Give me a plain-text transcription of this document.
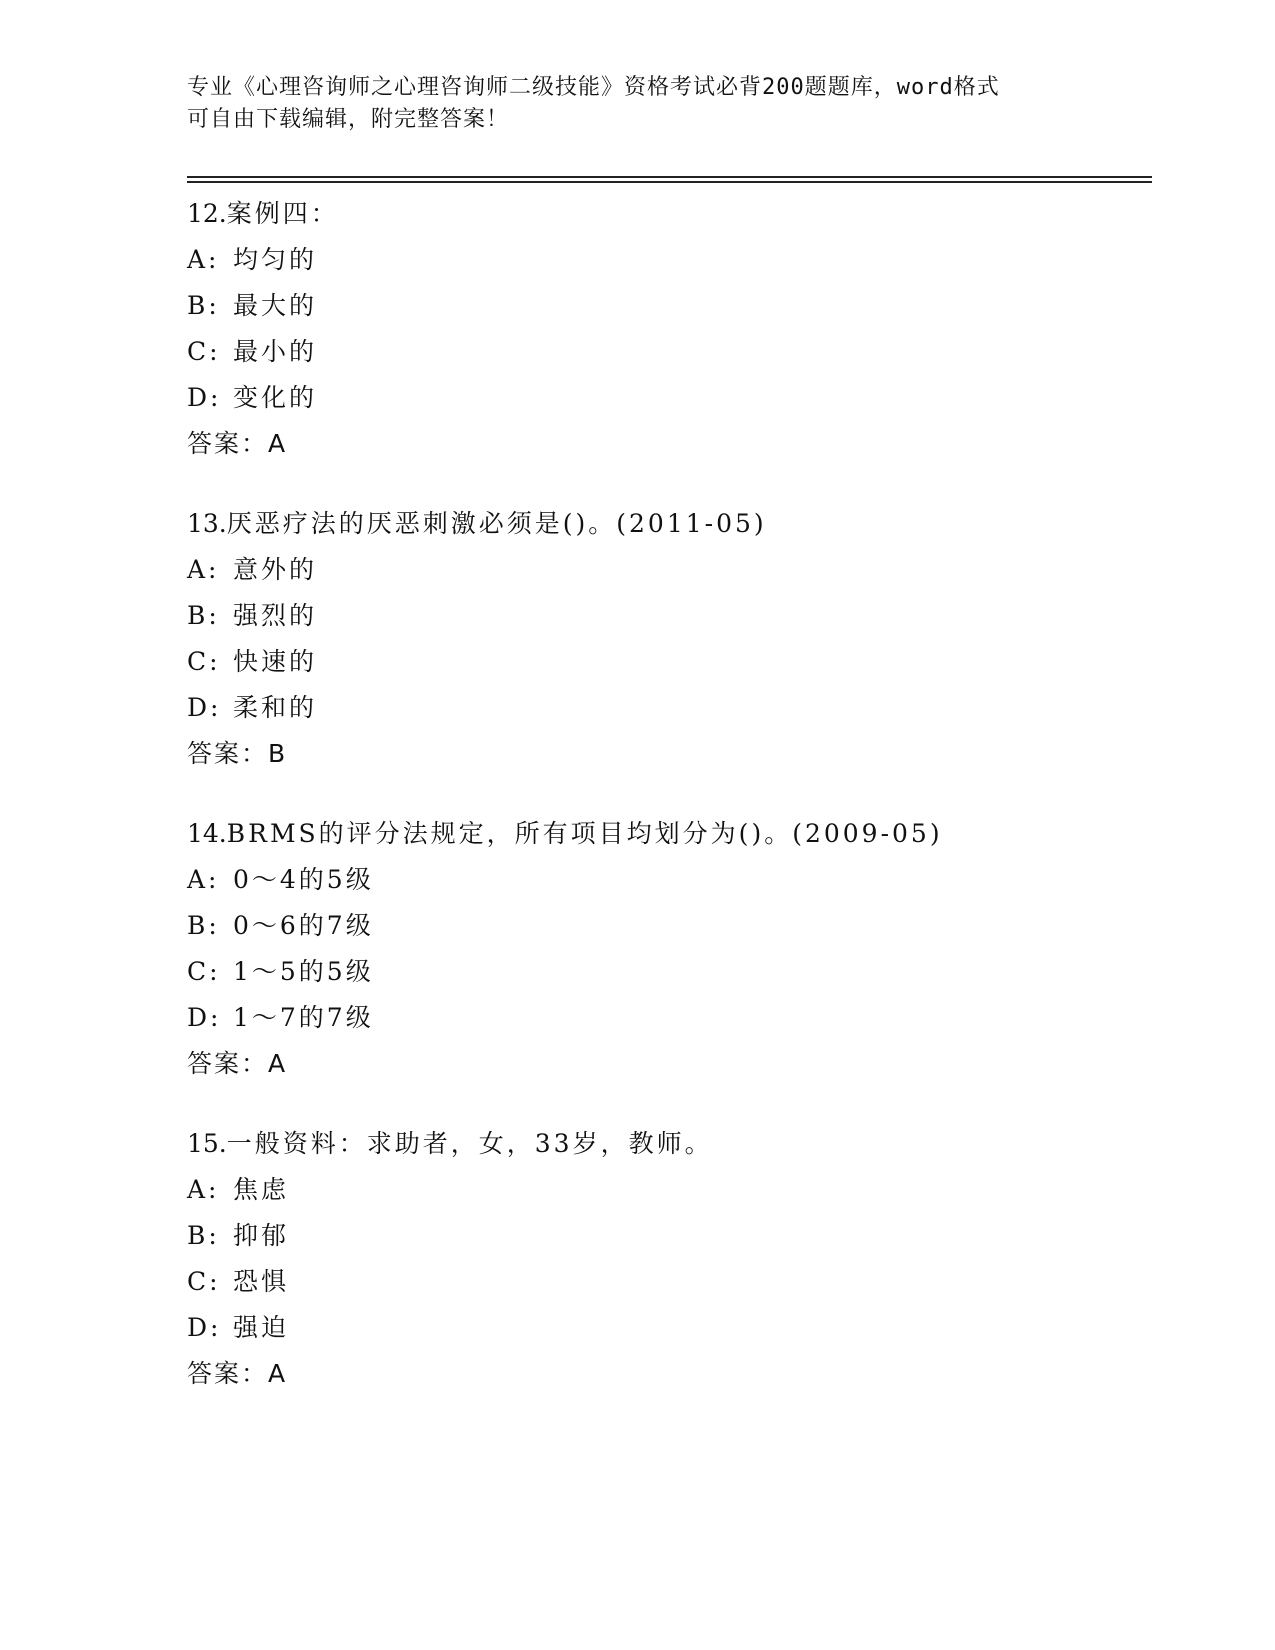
专业《心理咨询师之心理咨询师二级技能》资格考试必背200题题库，word格式
可自由下载编辑，附完整答案！
12.案例四：
A: 均匀的
B: 最大的
C: 最小的
D: 变化的
答案：A
13.厌恶疗法的厌恶刺激必须是()。(2011-05)
A: 意外的
B: 强烈的
C: 快速的
D: 柔和的
答案：B
14.BRMS的评分法规定，所有项目均划分为()。(2009-05)
A: 0～4的5级
B: 0～6的7级
C: 1～5的5级
D: 1～7的7级
答案：A
15.一般资料：求助者，女，33岁，教师。
A: 焦虑
B: 抑郁
C: 恐惧
D: 强迫
答案：A
